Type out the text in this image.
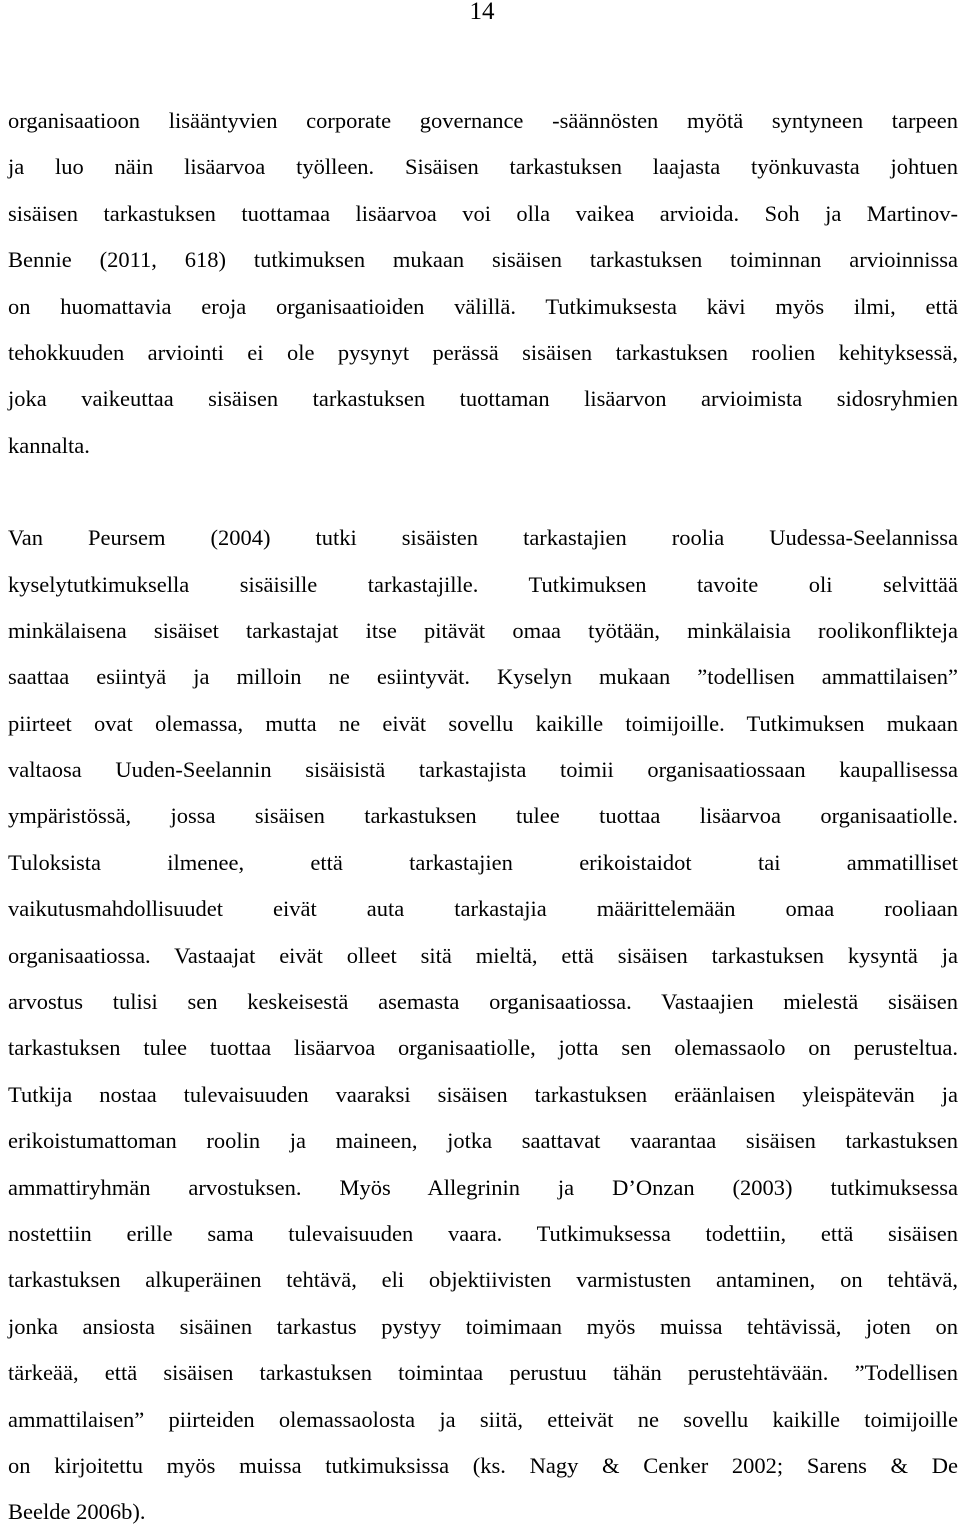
14

organisaatioon lisääntyvien corporate governance -säännösten myötä syntyneen tarpeen
ja luo näin lisäarvoa työlleen. Sisäisen tarkastuksen laajasta työnkuvasta johtuen
sisäisen tarkastuksen tuottamaa lisäarvoa voi olla vaikea arvioida. Soh ja Martinov-
Bennie (2011, 618) tutkimuksen mukaan sisäisen tarkastuksen toiminnan arvioinnissa
on huomattavia eroja organisaatioiden välillä. Tutkimuksesta kävi myös ilmi, että
tehokkuuden arviointi ei ole pysynyt perässä sisäisen tarkastuksen roolien kehityksessä,
joka vaikeuttaa sisäisen tarkastuksen tuottaman lisäarvon arvioimista sidosryhmien
kannalta.

Van Peursem (2004) tutki sisäisten tarkastajien roolia Uudessa-Seelannissa
kyselytutkimuksella sisäisille tarkastajille. Tutkimuksen tavoite oli selvittää
minkälaisena sisäiset tarkastajat itse pitävät omaa työtään, minkälaisia roolikonflikteja
saattaa esiintyä ja milloin ne esiintyvät. Kyselyn mukaan ”todellisen ammattilaisen”
piirteet ovat olemassa, mutta ne eivät sovellu kaikille toimijoille. Tutkimuksen mukaan
valtaosa Uuden-Seelannin sisäisistä tarkastajista toimii organisaatiossaan kaupallisessa
ympäristössä, jossa sisäisen tarkastuksen tulee tuottaa lisäarvoa organisaatiolle.
Tuloksista ilmenee, että tarkastajien erikoistaidot tai ammatilliset
vaikutusmahdollisuudet eivät auta tarkastajia määrittelemään omaa rooliaan
organisaatiossa. Vastaajat eivät olleet sitä mieltä, että sisäisen tarkastuksen kysyntä ja
arvostus tulisi sen keskeisestä asemasta organisaatiossa. Vastaajien mielestä sisäisen
tarkastuksen tulee tuottaa lisäarvoa organisaatiolle, jotta sen olemassaolo on perusteltua.
Tutkija nostaa tulevaisuuden vaaraksi sisäisen tarkastuksen eräänlaisen yleispätevän ja
erikoistumattoman roolin ja maineen, jotka saattavat vaarantaa sisäisen tarkastuksen
ammattiryhmän arvostuksen. Myös Allegrinin ja D’Onzan (2003) tutkimuksessa
nostettiin erille sama tulevaisuuden vaara. Tutkimuksessa todettiin, että sisäisen
tarkastuksen alkuperäinen tehtävä, eli objektiivisten varmistusten antaminen, on tehtävä,
jonka ansiosta sisäinen tarkastus pystyy toimimaan myös muissa tehtävissä, joten on
tärkeää, että sisäisen tarkastuksen toimintaa perustuu tähän perustehtävään. ”Todellisen
ammattilaisen” piirteiden olemassaolosta ja siitä, etteivät ne sovellu kaikille toimijoille
on kirjoitettu myös muissa tutkimuksissa (ks. Nagy & Cenker 2002; Sarens & De
Beelde 2006b).
